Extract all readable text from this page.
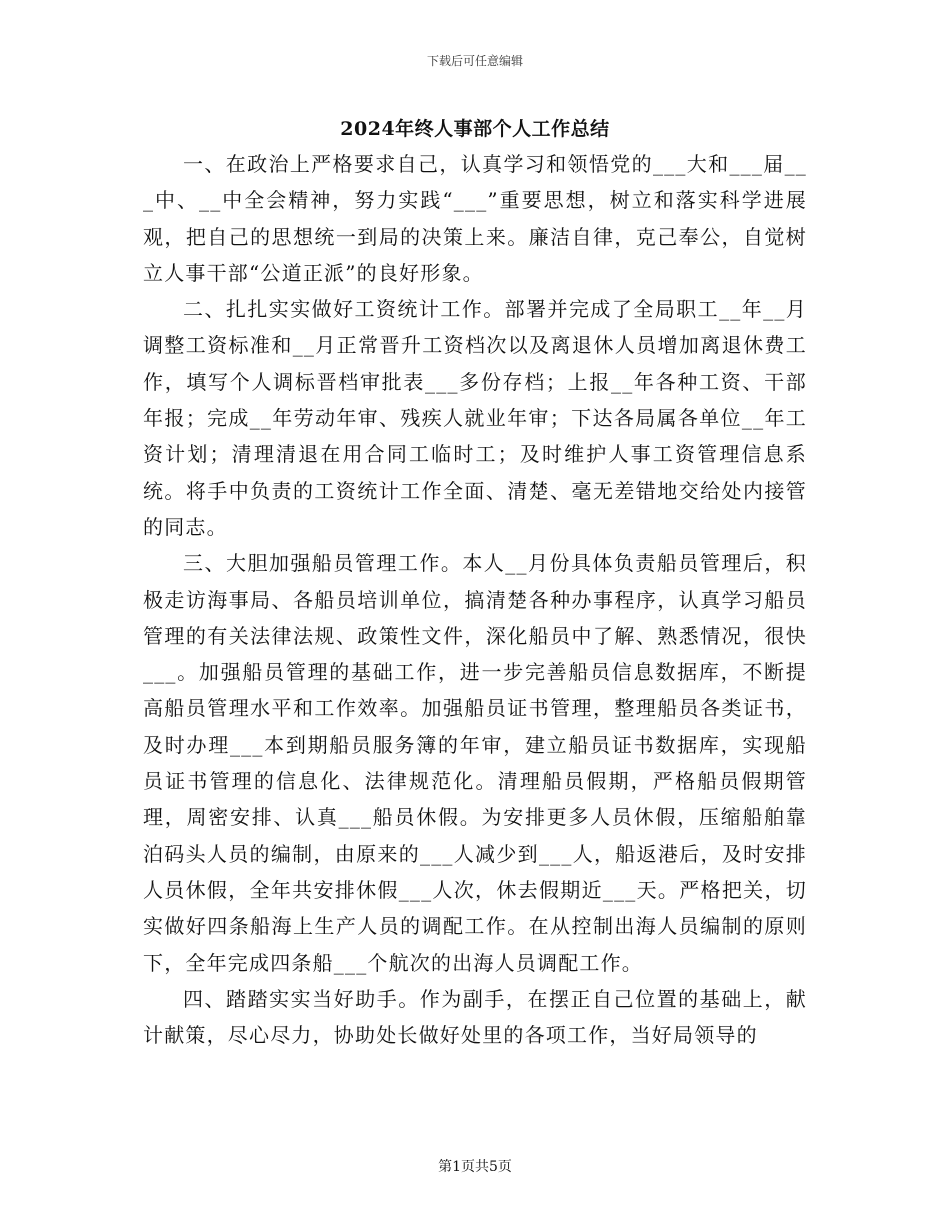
下载后可任意编辑
2024年终人事部个人工作总结

一、在政治上严格要求自己，认真学习和领悟党的___大和___届___中、__中全会精神，努力实践“___”重要思想，树立和落实科学进展观，把自己的思想统一到局的决策上来。廉洁自律，克己奉公，自觉树立人事干部“公道正派”的良好形象。

二、扎扎实实做好工资统计工作。部署并完成了全局职工__年__月调整工资标准和__月正常晋升工资档次以及离退休人员增加离退休费工作，填写个人调标晋档审批表___多份存档；上报__年各种工资、干部年报；完成__年劳动年审、残疾人就业年审；下达各局属各单位__年工资计划；清理清退在用合同工临时工；及时维护人事工资管理信息系统。将手中负责的工资统计工作全面、清楚、毫无差错地交给处内接管的同志。

三、大胆加强船员管理工作。本人__月份具体负责船员管理后，积极走访海事局、各船员培训单位，搞清楚各种办事程序，认真学习船员管理的有关法律法规、政策性文件，深化船员中了解、熟悉情况，很快___。加强船员管理的基础工作，进一步完善船员信息数据库，不断提高船员管理水平和工作效率。加强船员证书管理，整理船员各类证书，及时办理___本到期船员服务簿的年审，建立船员证书数据库，实现船员证书管理的信息化、法律规范化。清理船员假期，严格船员假期管理，周密安排、认真___船员休假。为安排更多人员休假，压缩船舶靠泊码头人员的编制，由原来的___人减少到___人，船返港后，及时安排人员休假，全年共安排休假___人次，休去假期近___天。严格把关，切实做好四条船海上生产人员的调配工作。在从控制出海人员编制的原则下，全年完成四条船___个航次的出海人员调配工作。

四、踏踏实实当好助手。作为副手，在摆正自己位置的基础上，献计献策，尽心尽力，协助处长做好处里的各项工作，当好局领导的

第1页共5页
